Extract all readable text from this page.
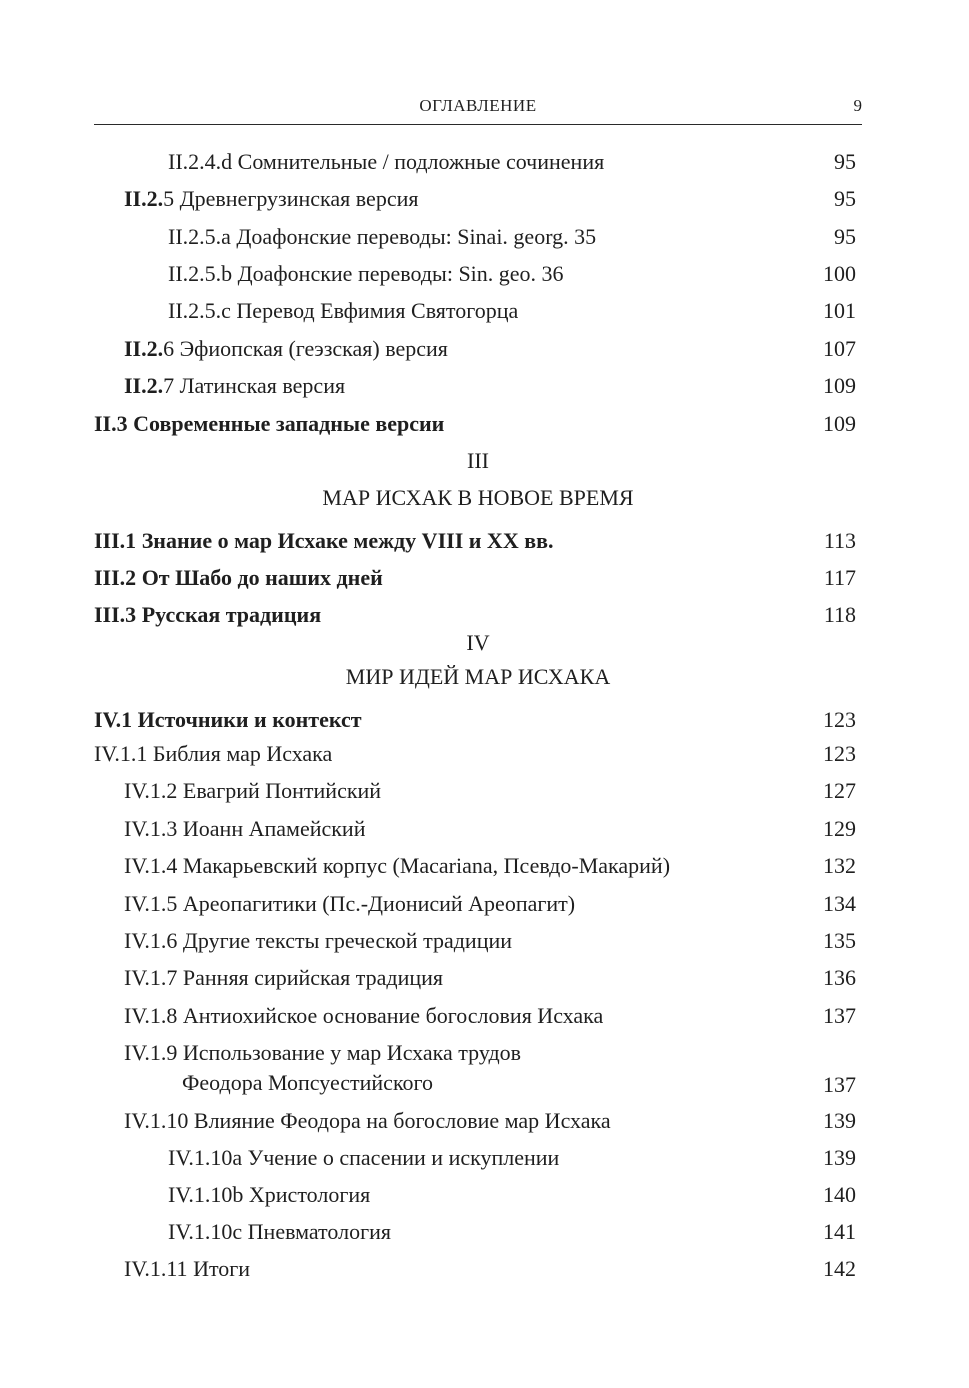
ОГЛАВЛЕНИЕ	9
II.2.4.d Сомнительные / подложные сочинения	95
II.2.5 Древнегрузинская версия	95
II.2.5.a Доафонские переводы: Sinai. georg. 35	95
II.2.5.b Доафонские переводы: Sin. geo. 36	100
II.2.5.c Перевод Евфимия Святогорца	101
II.2.6 Эфиопская (геэзская) версия	107
II.2.7 Латинская версия	109
II.3 Современные западные версии	109
III.1 Знание о мар Исхаке между VIII и XX вв.	113
III.2 От Шабо до наших дней	117
III.3 Русская традиция	118
IV.1 Источники и контекст	123
IV.1.1 Библия мар Исхака	123
IV.1.2 Евагрий Понтийский	127
IV.1.3 Иоанн Апамейский	129
IV.1.4 Макарьевский корпус (Macariana, Псевдо-Макарий)	132
IV.1.5 Ареопагитики (Пс.-Дионисий Ареопагит)	134
IV.1.6 Другие тексты греческой традиции	135
IV.1.7 Ранняя сирийская традиция	136
IV.1.8 Антиохийское основание богословия Исхака	137
IV.1.9 Использование у мар Исхака трудов
Феодора Мопсуестийского	137
IV.1.10 Влияние Феодора на богословие мар Исхака	139
IV.1.10a Учение о спасении и искуплении	139
IV.1.10b Христология	140
IV.1.10c Пневматология	141
IV.1.11 Итоги	142
III
МАР ИСХАК В НОВОЕ ВРЕМЯ
IV
МИР ИДЕЙ МАР ИСХАКА
